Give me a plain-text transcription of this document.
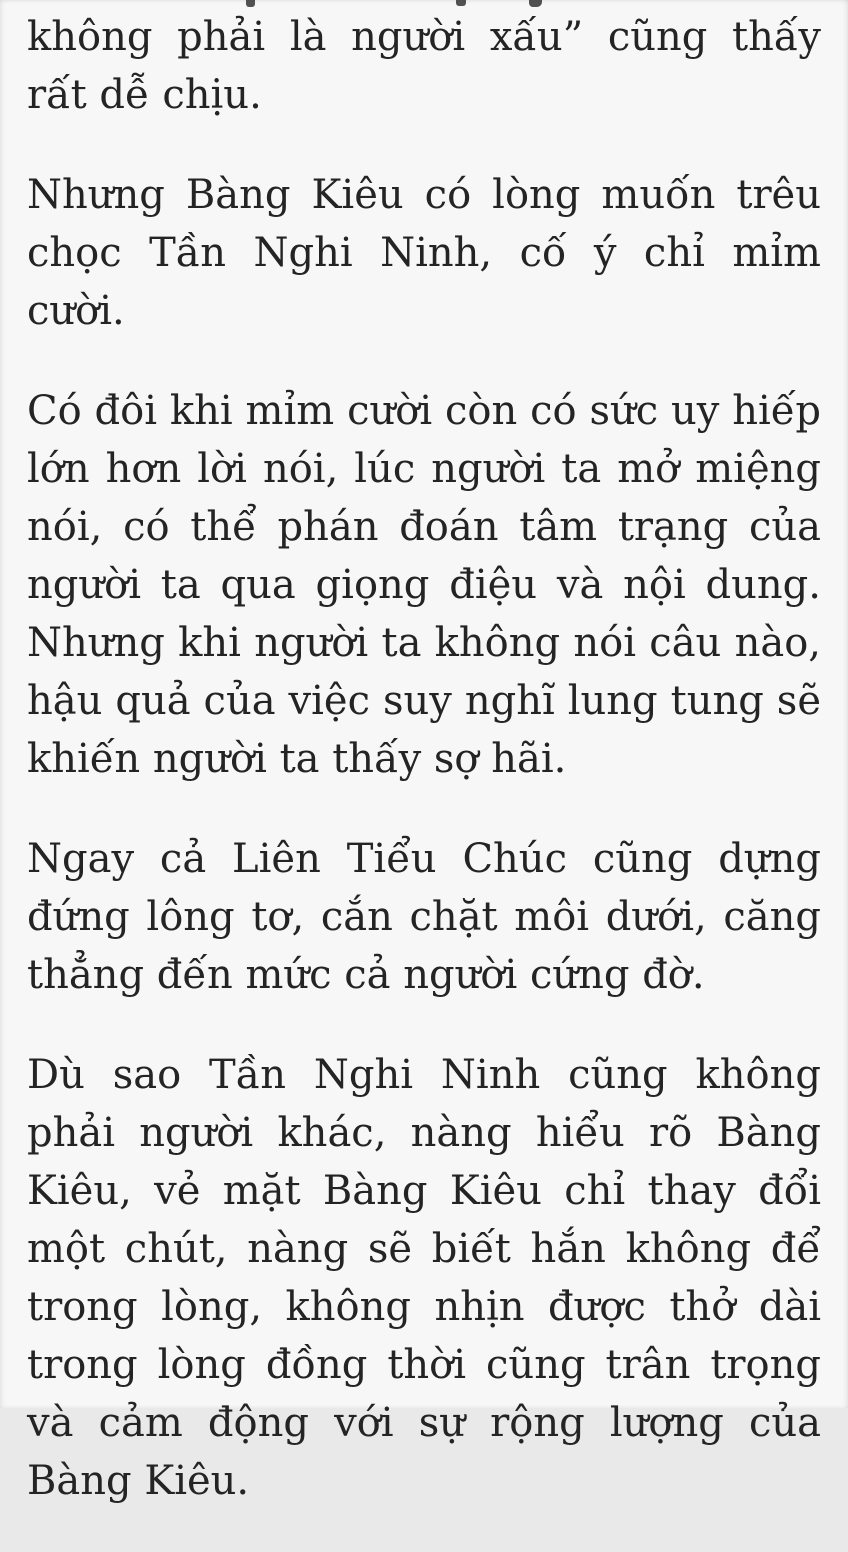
không phải là người xấu” cũng thấy rất dễ chịu.

Nhưng Bàng Kiêu có lòng muốn trêu chọc Tần Nghi Ninh, cố ý chỉ mỉm cười.

Có đôi khi mỉm cười còn có sức uy hiếp lớn hơn lời nói, lúc người ta mở miệng nói, có thể phán đoán tâm trạng của người ta qua giọng điệu và nội dung. Nhưng khi người ta không nói câu nào, hậu quả của việc suy nghĩ lung tung sẽ khiến người ta thấy sợ hãi.

Ngay cả Liên Tiểu Chúc cũng dựng đứng lông tơ, cắn chặt môi dưới, căng thẳng đến mức cả người cứng đờ.

Dù sao Tần Nghi Ninh cũng không phải người khác, nàng hiểu rõ Bàng Kiêu, vẻ mặt Bàng Kiêu chỉ thay đổi một chút, nàng sẽ biết hắn không để trong lòng, không nhịn được thở dài trong lòng đồng thời cũng trân trọng và cảm động với sự rộng lượng của Bàng Kiêu.
